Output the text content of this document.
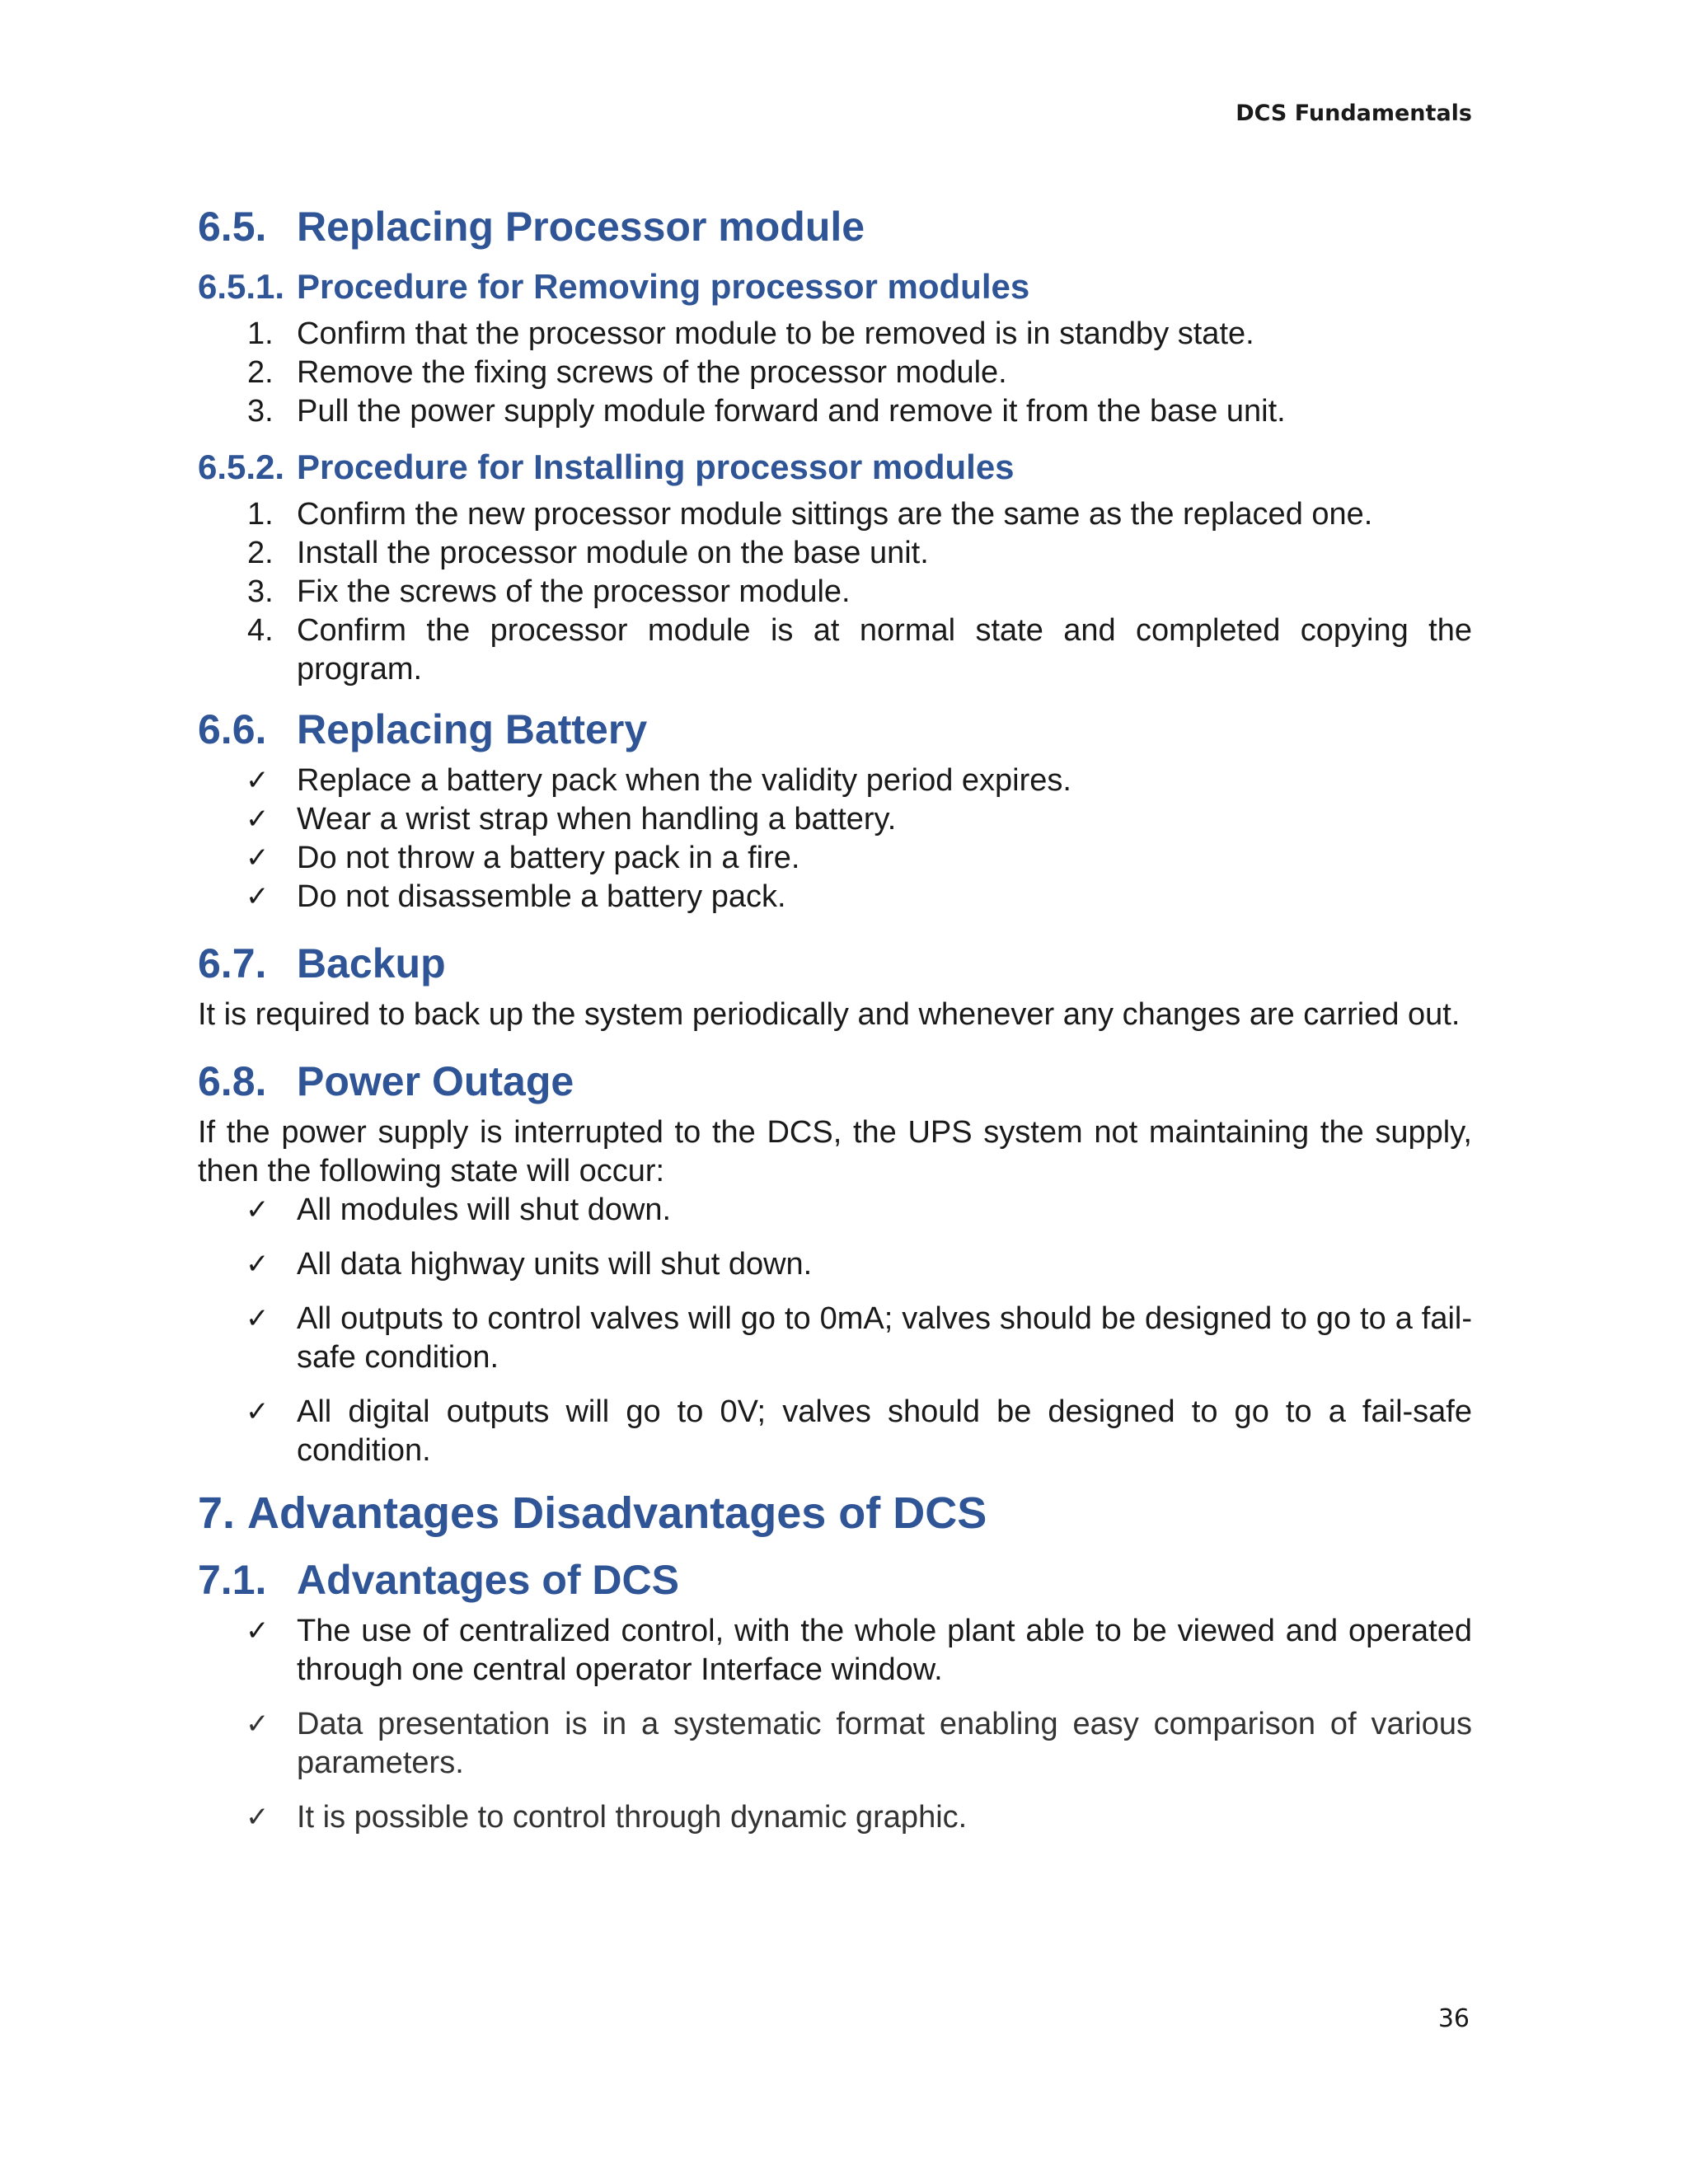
DCS Fundamentals
6.5. Replacing Processor module
6.5.1. Procedure for Removing processor modules
1. Confirm that the processor module to be removed is in standby state.
2. Remove the fixing screws of the processor module.
3. Pull the power supply module forward and remove it from the base unit.
6.5.2. Procedure for Installing processor modules
1. Confirm the new processor module sittings are the same as the replaced one.
2. Install the processor module on the base unit.
3. Fix the screws of the processor module.
4. Confirm the processor module is at normal state and completed copying the program.
6.6. Replacing Battery
✓ Replace a battery pack when the validity period expires.
✓ Wear a wrist strap when handling a battery.
✓ Do not throw a battery pack in a fire.
✓ Do not disassemble a battery pack.
6.7. Backup

It is required to back up the system periodically and whenever any changes are carried out.

6.8. Power Outage

If the power supply is interrupted to the DCS, the UPS system not maintaining the supply, then the following state will occur:

✓ All modules will shut down.
✓ All data highway units will shut down.
✓ All outputs to control valves will go to 0mA; valves should be designed to go to a fail-safe condition.
✓ All digital outputs will go to 0V; valves should be designed to go to a fail-safe condition.
7. Advantages Disadvantages of DCS
7.1. Advantages of DCS
✓ The use of centralized control, with the whole plant able to be viewed and operated through one central operator Interface window.
✓ Data presentation is in a systematic format enabling easy comparison of various parameters.
✓ It is possible to control through dynamic graphic.
36
